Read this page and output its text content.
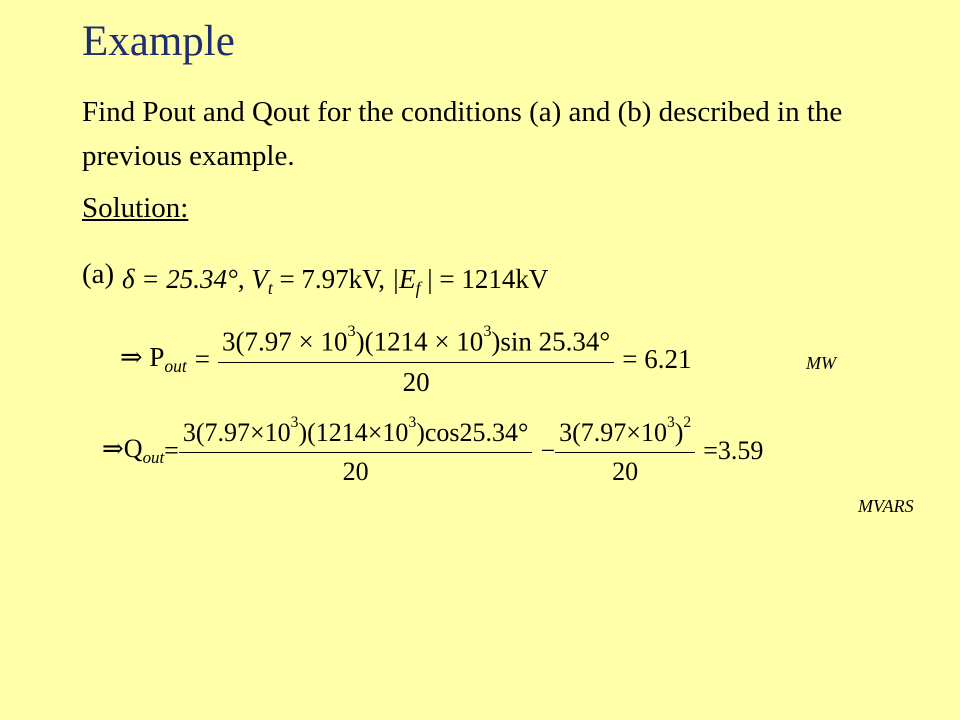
Example
Find Pout and Qout for the conditions (a) and (b) described in the previous example.
Solution:
(a) δ = 25.34°, $V_t = 7.97kV$, $|E_f$ | = 1214kV
⇒ $P_{out} = \frac{3(7.97 \times 10^3)(1214 \times 10^3)\sin 25.34^\circ}{20} = 6.21$	MW
$\Rightarrow Q_{out} = \frac{3(7.97\times 10^3)(1214\times 10^3)\cos 25.34^\circ}{20} - \frac{3(7.97\times 10^3)^2}{20} =3.59$
MVARS
